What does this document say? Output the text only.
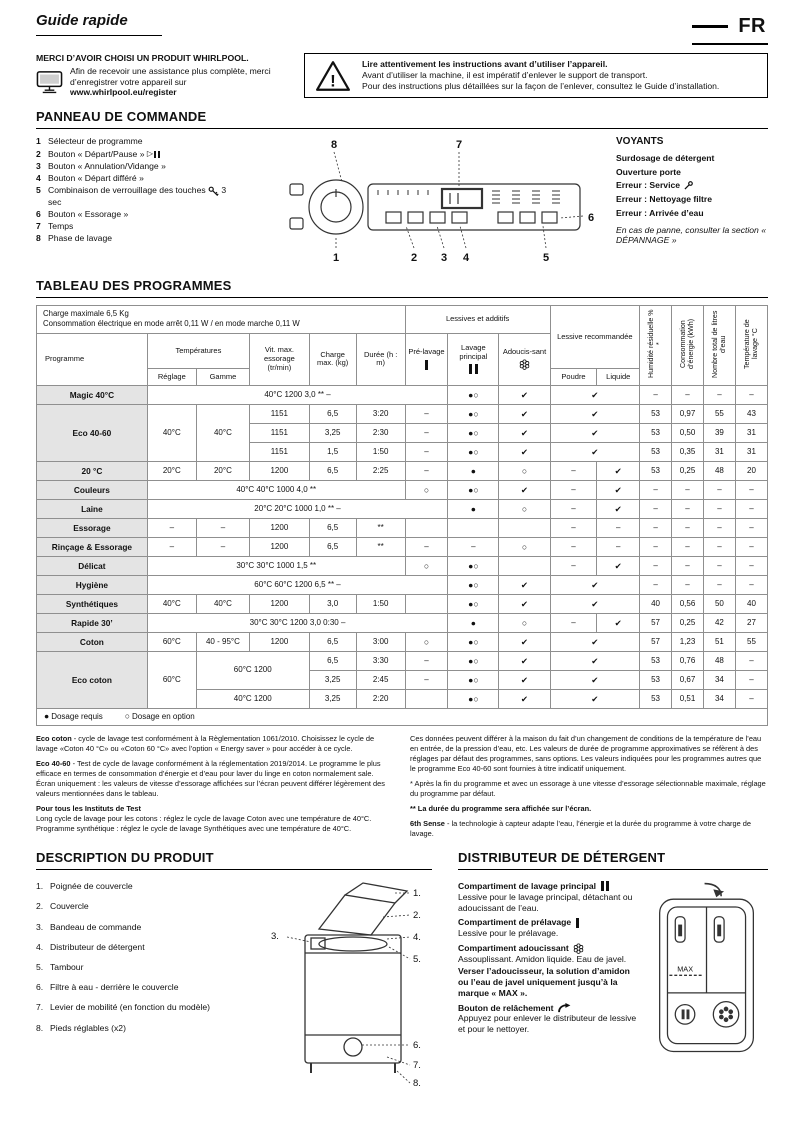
Guide rapide	FR
MERCI D’AVOIR CHOISI UN PRODUIT WHIRLPOOL.
Afin de recevoir une assistance plus complète, merci d’enregistrer votre appareil sur www.whirlpool.eu/register
!
Lire attentivement les instructions avant d’utiliser l’appareil.
Avant d’utiliser la machine, il est impératif d’enlever le support de transport.
Pour des instructions plus détaillées sur la façon de l’enlever, consultez le Guide d’installation.
PANNEAU DE COMMANDE
1 Sélecteur de programme
2 Bouton « Départ/Pause » ▷
3 Bouton « Annulation/Vidange »
4 Bouton « Départ différé »
5 Combinaison de verrouillage des touches
3 sec
6 Bouton « Essorage »
7 Temps
8 Phase de lavage
8	7
1	2 3 4	5
6
VOYANTS
Surdosage de détergent
Ouverture porte
Erreur : Service
Erreur : Nettoyage filtre
Erreur : Arrivée d’eau
En cas de panne, consulter la section « DÉPANNAGE »
TABLEAU DES PROGRAMMES
Charge maximale 6,5 Kg
Consommation électrique en mode arrêt 0,11 W / en mode marche 0,11 W						Lessives et additifs			Lessive recommandée		Humidité résiduelle % *	Consommation d’énergie (kWh)	Nombre total de litres d’eau	Température de lavage °C
Programme	Températures		Vit. max. essorage (tr/min)	Charge max. (kg)	Durée (h : m)	Pré-lavage	Lavage principal	Adoucis-sant						

	Réglage	Gamme							Poudre	Liquide				
Magic 40°C	40°C 1200 3,0 ** –						●○	✔	✔		–	–	–	–
Eco 40-60	40°C	40°C	1151	6,5	3:20	–	●○	✔	✔		53	0,97	55	43
			1151	3,25	2:30	–	●○	✔	✔		53	0,50	39	31
			1151	1,5	1:50	–	●○	✔	✔		53	0,35	31	31
20 °C	20°C	20°C	1200	6,5	2:25	–	●	○	–	✔	53	0,25	48	20
Couleurs	40°C 40°C 1000 4,0 **					○	●○	✔	–	✔	–	–	–	–
Laine	20°C 20°C 1000 1,0 ** –						●	○	–	✔	–	–	–	–
Essorage	–	–	1200	6,5	**				–	–	–	–	–	–
Rinçage & Essorage	–	–	1200	6,5	**	–	–	○	–	–	–	–	–	–
Délicat	30°C 30°C 1000 1,5 **					○	●○		–	✔	–	–	–	–
Hygiène	60°C 60°C 1200 6,5 ** –						●○	✔	✔		–	–	–	–
Synthétiques	40°C	40°C	1200	3,0	1:50		●○	✔	✔		40	0,56	50	40
Rapide 30’	30°C 30°C 1200 3,0 0:30 –						●	○	–	✔	57	0,25	42	27
Coton	60°C	40 - 95°C	1200	6,5	3:00	○	●○	✔	✔		57	1,23	51	55
Eco coton	60°C	60°C 1200		6,5	3:30	–	●○	✔	✔		53	0,76	48	–
				3,25	2:45	–	●○	✔	✔		53	0,67	34	–
		40°C 1200		3,25	2:20		●○	✔	✔		53	0,51	34	–
● Dosage requis	○ Dosage en option

Eco coton - cycle de lavage test conformément à la Règlementation 1061/2010. Choisissez le cycle de lavage «Coton 40 °C» ou «Coton 60 °C» avec l’option « Energy saver » pour accéder à ce cycle.

Eco 40-60 - Test de cycle de lavage conformément à la réglementation 2019/2014. Le programme le plus efficace en termes de consommation d’énergie et d’eau pour laver du linge en coton normalement sale. Écran uniquement : les valeurs de vitesse d’essorage affichées sur l’écran peuvent différer légèrement des valeurs mentionnées dans le tableau.

Pour tous les Instituts de Test

Long cycle de lavage pour les cotons : réglez le cycle de lavage Coton avec une température de 40°C.

Programme synthétique : réglez le cycle de lavage Synthétiques avec une température de 40°C.

Ces données peuvent différer à la maison du fait d’un changement de conditions de la température de l’eau en entrée, de la pression d’eau, etc. Les valeurs de durée de programme approximatives se réfèrent à des réglages par défaut des programmes, sans options. Les valeurs indiquées pour les programmes autres que le programme Eco 40-60 sont fournies à titre indicatif uniquement.

* Après la fin du programme et avec un essorage à une vitesse d’essorage sélectionnable maximale, réglage du programme par défaut.

** La durée du programme sera affichée sur l’écran.

6th Sense - la technologie à capteur adapte l’eau, l’énergie et la durée du programme à votre charge de lavage.

DESCRIPTION DU PRODUIT
1. Poignée de couvercle
2. Couvercle
3. Bandeau de commande
4. Distributeur de détergent
5. Tambour
6. Filtre à eau - derrière le couvercle
7. Levier de mobilité (en fonction du modèle)
8. Pieds réglables (x2)
1.
2.
3.	4.
5.
6.
7.
8.
DISTRIBUTEUR DE DÉTERGENT
Compartiment de lavage principal
Lessive pour le lavage principal, détachant ou adoucissant de l’eau.
Compartiment de prélavage
Lessive pour le prélavage.
Compartiment adoucissant
Assouplissant. Amidon liquide. Eau de javel.
Verser l’adoucisseur, la solution d’amidon ou l’eau de javel uniquement jusqu’à la marque « MAX ».
Bouton de relâchement
Appuyez pour enlever le distributeur de lessive et pour le nettoyer.
MAX
